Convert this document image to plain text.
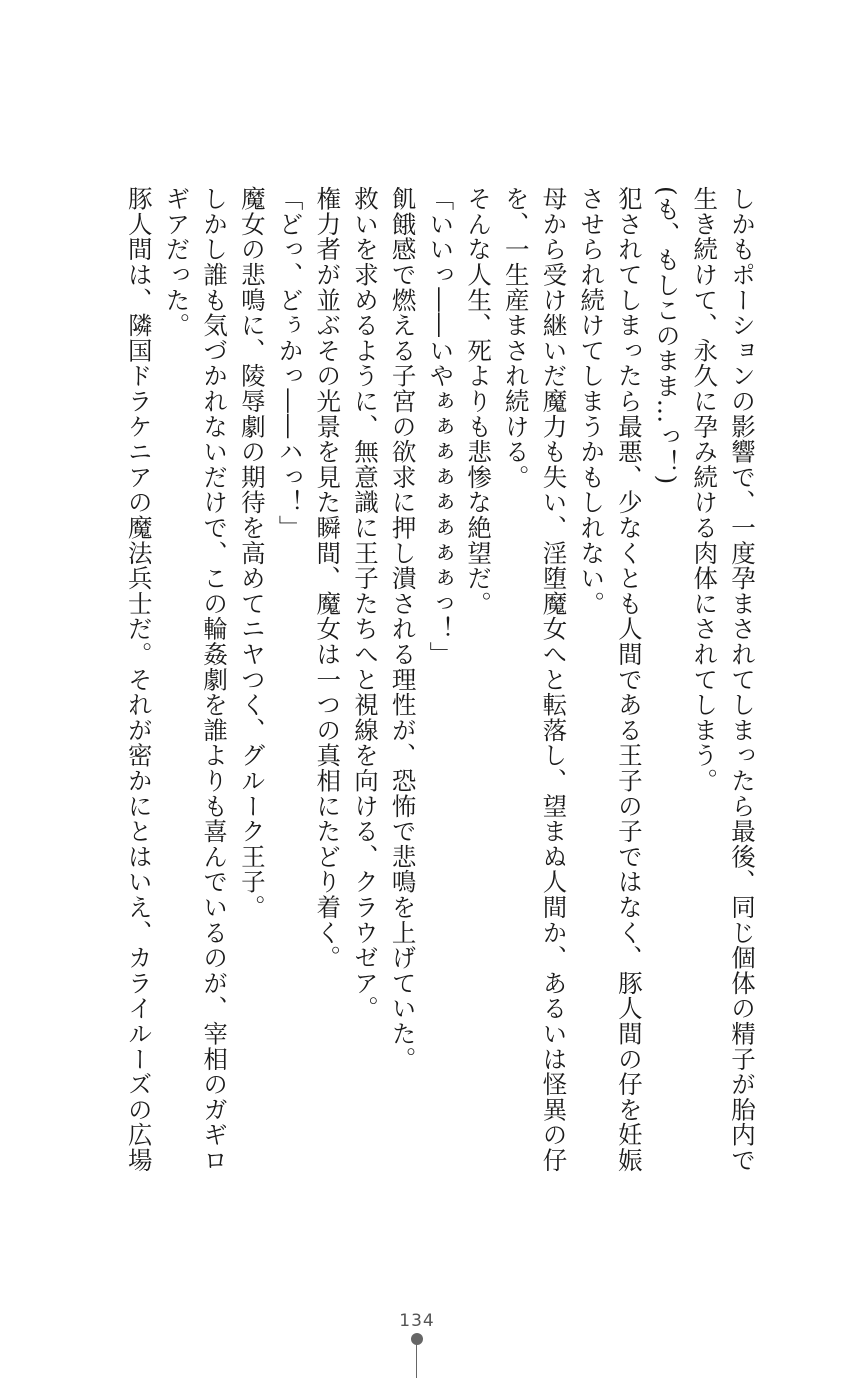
しかもポーションの影響で、一度孕まされてしまったら最後、同じ個体の精子が胎内で
生き続けて、永久に孕み続ける肉体にされてしまう。
(も、もしこのまま…っ！)
犯されてしまったら最悪、少なくとも人間である王子の子ではなく、豚人間の仔を妊娠
させられ続けてしまうかもしれない。
母から受け継いだ魔力も失い、淫堕魔女へと転落し、望まぬ人間か、あるいは怪異の仔
を、一生産まされ続ける。
そんな人生、死よりも悲惨な絶望だ。
「いいっ――いやぁぁぁぁぁぁぁぁっ！」
飢餓感で燃える子宮の欲求に押し潰される理性が、恐怖で悲鳴を上げていた。
救いを求めるように、無意識に王子たちへと視線を向ける、クラウゼア。
権力者が並ぶその光景を見た瞬間、魔女は一つの真相にたどり着く。
「どっ、どぅかっ――ハっ！」
魔女の悲鳴に、陵辱劇の期待を高めてニヤつく、グルーク王子。
しかし誰も気づかれないだけで、この輪姦劇を誰よりも喜んでいるのが、宰相のガギロ
ギアだった。
豚人間は、隣国ドラケニアの魔法兵士だ。それが密かにとはいえ、カライルーズの広場
134
